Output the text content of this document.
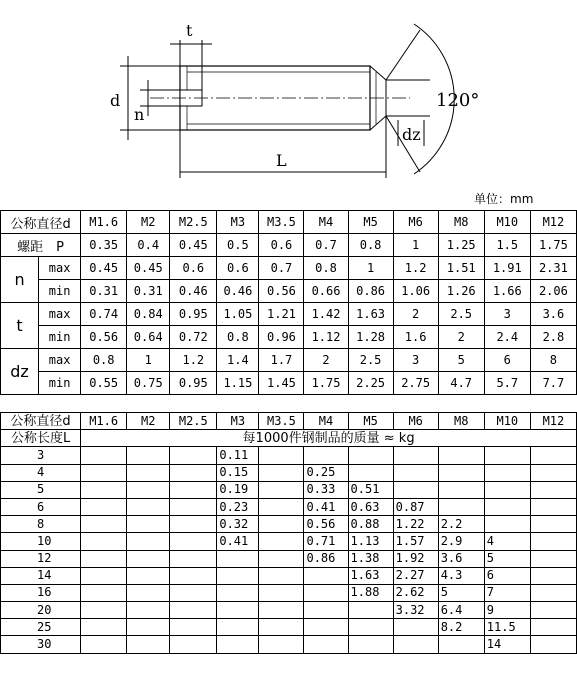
t
d
n
L
dz
120°
单位：mm
公称直径d		M1.6	M2	M2.5	M3	M3.5	M4	M5	M6	M8	M10	M12
螺距　P		0.35	0.4	0.45	0.5	0.6	0.7	0.8	1	1.25	1.5	1.75
n	max	0.45	0.45	0.6	0.6	0.7	0.8	1	1.2	1.51	1.91	2.31
	min	0.31	0.31	0.46	0.46	0.56	0.66	0.86	1.06	1.26	1.66	2.06
t	max	0.74	0.84	0.95	1.05	1.21	1.42	1.63	2	2.5	3	3.6
	min	0.56	0.64	0.72	0.8	0.96	1.12	1.28	1.6	2	2.4	2.8
dz	max	0.8	1	1.2	1.4	1.7	2	2.5	3	5	6	8
	min	0.55	0.75	0.95	1.15	1.45	1.75	2.25	2.75	4.7	5.7	7.7
公称直径d	M1.6	M2	M2.5	M3	M3.5	M4	M5	M6	M8	M10	M12
公称长度L	每1000件钢制品的质量 ≈ kg										
3				0.11							
4				0.15		0.25					
5				0.19		0.33	0.51				
6				0.23		0.41	0.63	0.87			
8				0.32		0.56	0.88	1.22	2.2		
10				0.41		0.71	1.13	1.57	2.9	4	
12						0.86	1.38	1.92	3.6	5	
14							1.63	2.27	4.3	6	
16							1.88	2.62	5	7	
20								3.32	6.4	9	
25									8.2	11.5	
30										14	
